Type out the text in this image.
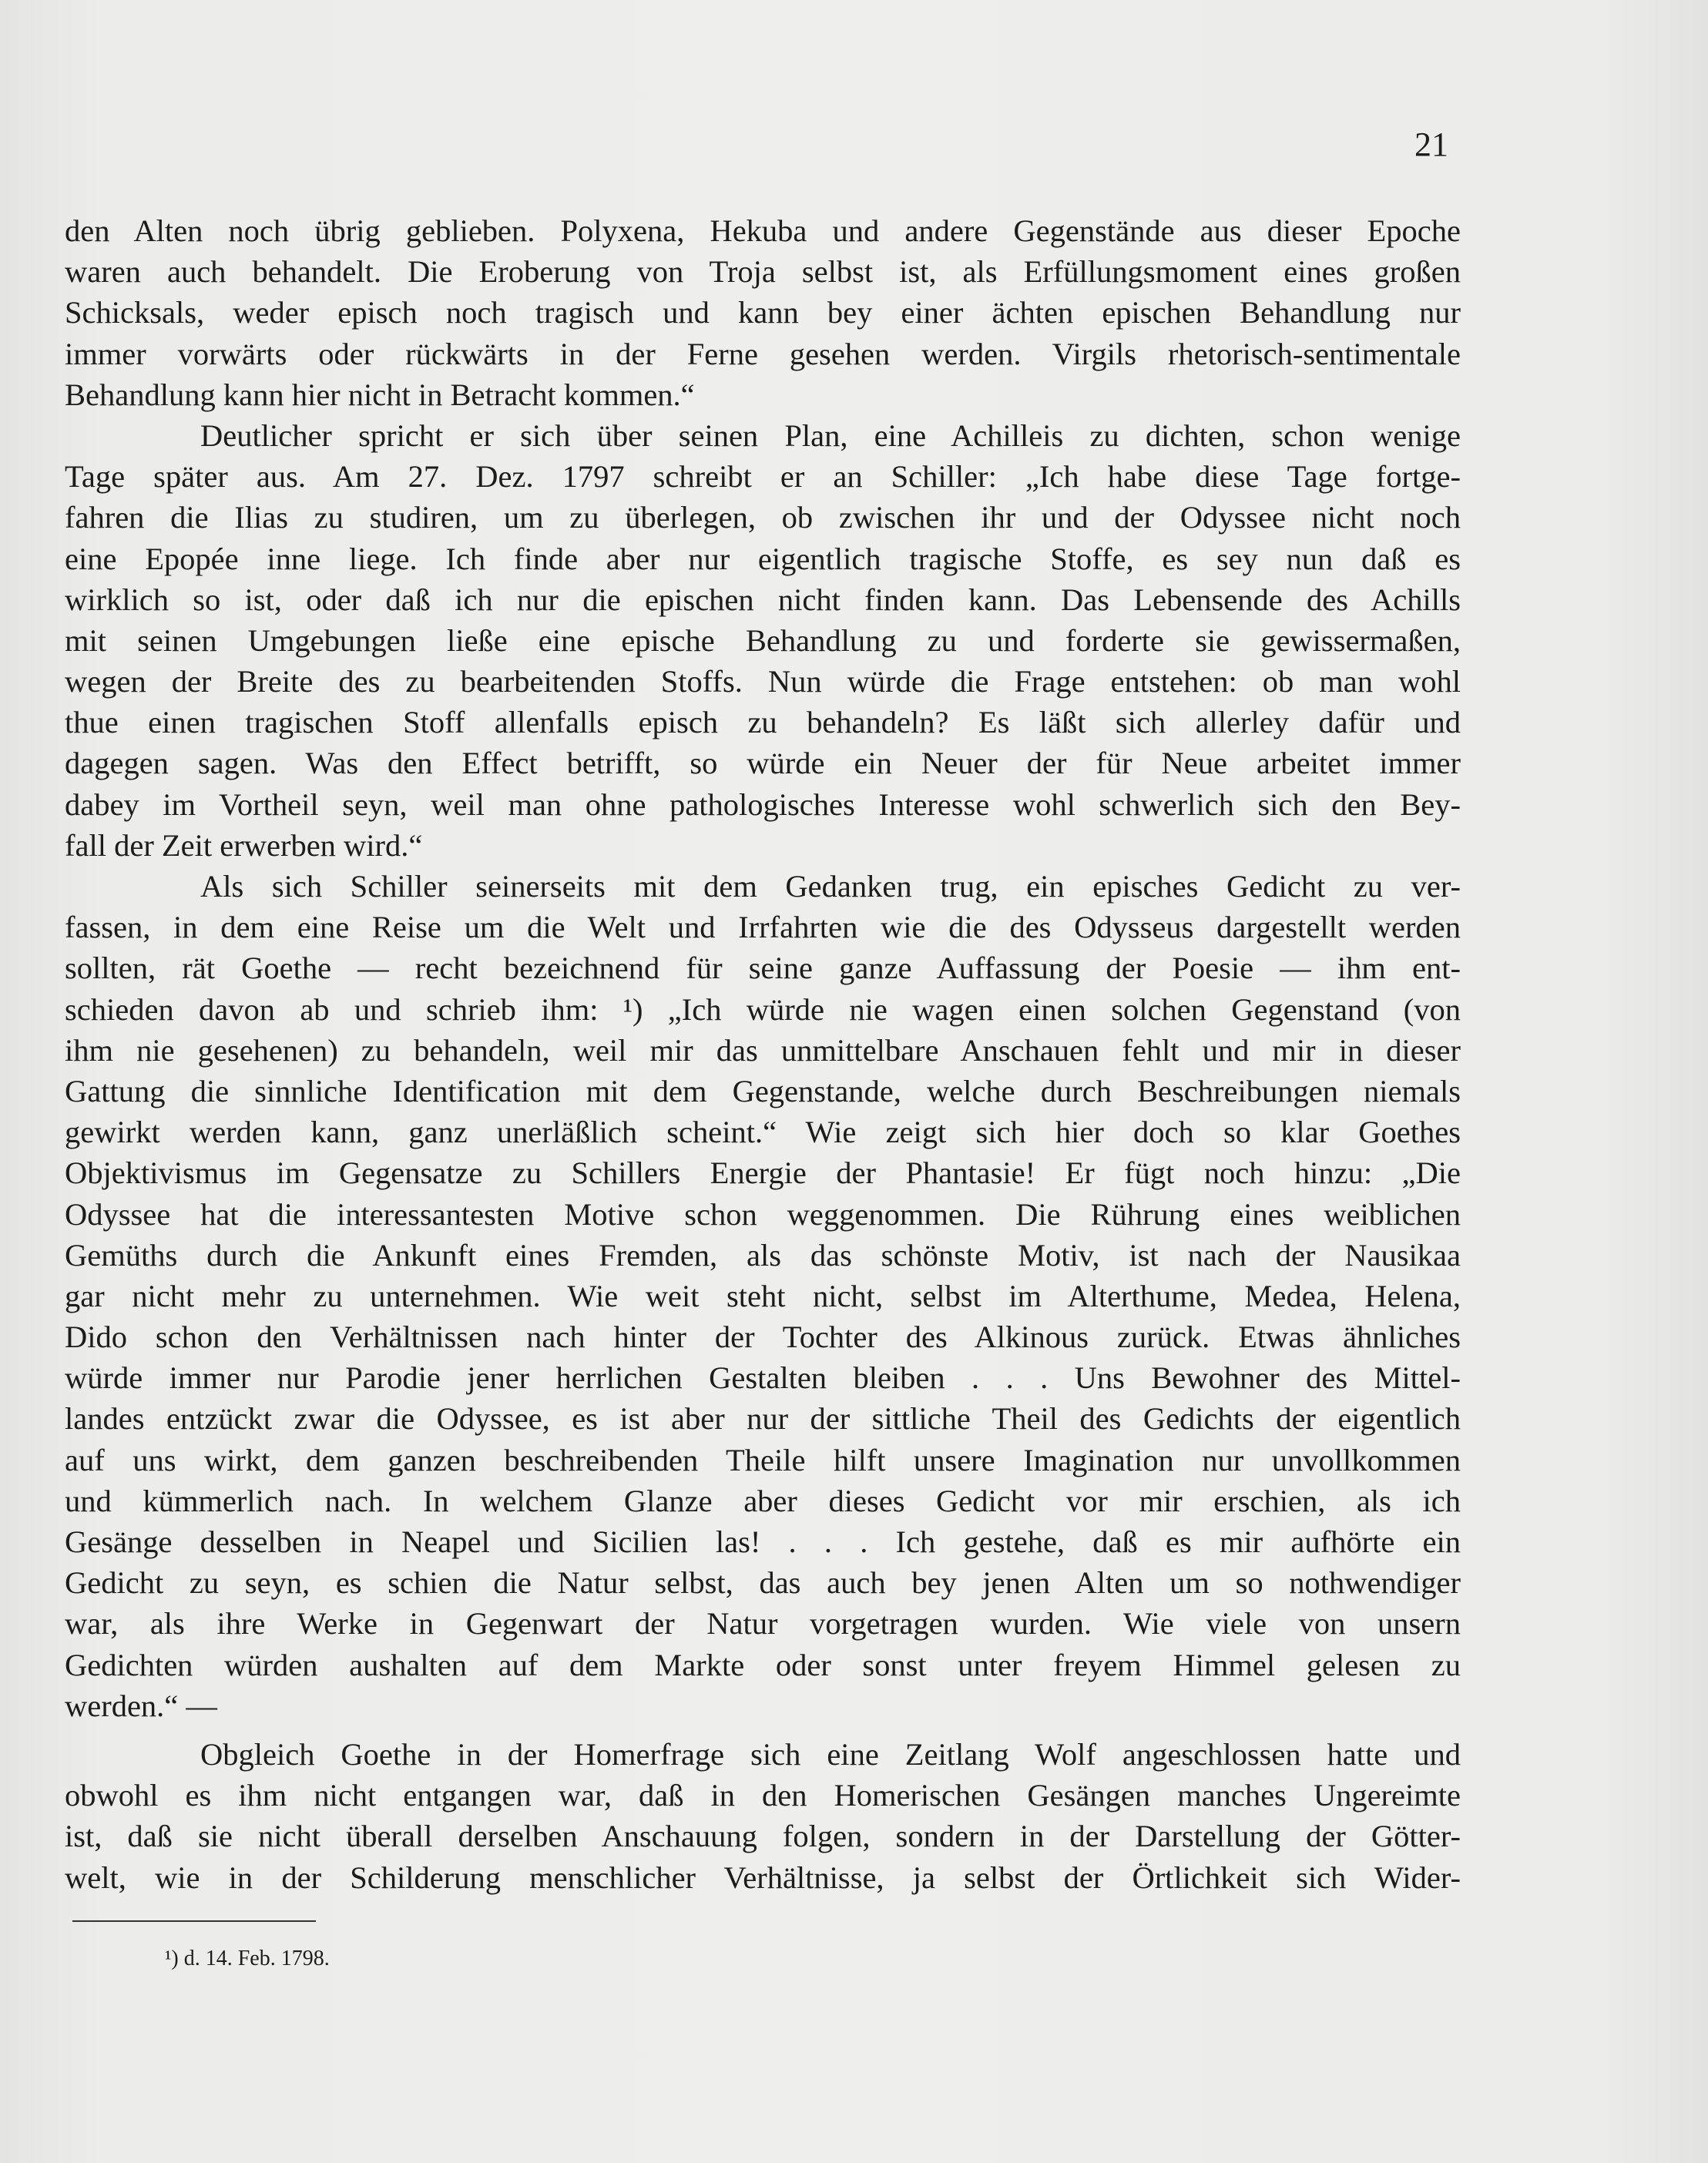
21
den Alten noch übrig geblieben. Polyxena, Hekuba und andere Gegenstände aus dieser Epoche
waren auch behandelt. Die Eroberung von Troja selbst ist, als Erfüllungsmoment eines großen
Schicksals, weder episch noch tragisch und kann bey einer ächten epischen Behandlung nur
immer vorwärts oder rückwärts in der Ferne gesehen werden. Virgils rhetorisch-sentimentale
Behandlung kann hier nicht in Betracht kommen.“
Deutlicher spricht er sich über seinen Plan, eine Achilleis zu dichten, schon wenige
Tage später aus. Am 27. Dez. 1797 schreibt er an Schiller: „Ich habe diese Tage fortge-
fahren die Ilias zu studiren, um zu überlegen, ob zwischen ihr und der Odyssee nicht noch
eine Epopée inne liege. Ich finde aber nur eigentlich tragische Stoffe, es sey nun daß es
wirklich so ist, oder daß ich nur die epischen nicht finden kann. Das Lebensende des Achills
mit seinen Umgebungen ließe eine epische Behandlung zu und forderte sie gewissermaßen,
wegen der Breite des zu bearbeitenden Stoffs. Nun würde die Frage entstehen: ob man wohl
thue einen tragischen Stoff allenfalls episch zu behandeln? Es läßt sich allerley dafür und
dagegen sagen. Was den Effect betrifft, so würde ein Neuer der für Neue arbeitet immer
dabey im Vortheil seyn, weil man ohne pathologisches Interesse wohl schwerlich sich den Bey-
fall der Zeit erwerben wird.“
Als sich Schiller seinerseits mit dem Gedanken trug, ein episches Gedicht zu ver-
fassen, in dem eine Reise um die Welt und Irrfahrten wie die des Odysseus dargestellt werden
sollten, rät Goethe — recht bezeichnend für seine ganze Auffassung der Poesie — ihm ent-
schieden davon ab und schrieb ihm: ¹) „Ich würde nie wagen einen solchen Gegenstand (von
ihm nie gesehenen) zu behandeln, weil mir das unmittelbare Anschauen fehlt und mir in dieser
Gattung die sinnliche Identification mit dem Gegenstande, welche durch Beschreibungen niemals
gewirkt werden kann, ganz unerläßlich scheint.“ Wie zeigt sich hier doch so klar Goethes
Objektivismus im Gegensatze zu Schillers Energie der Phantasie! Er fügt noch hinzu: „Die
Odyssee hat die interessantesten Motive schon weggenommen. Die Rührung eines weiblichen
Gemüths durch die Ankunft eines Fremden, als das schönste Motiv, ist nach der Nausikaa
gar nicht mehr zu unternehmen. Wie weit steht nicht, selbst im Alterthume, Medea, Helena,
Dido schon den Verhältnissen nach hinter der Tochter des Alkinous zurück. Etwas ähnliches
würde immer nur Parodie jener herrlichen Gestalten bleiben . . . Uns Bewohner des Mittel-
landes entzückt zwar die Odyssee, es ist aber nur der sittliche Theil des Gedichts der eigentlich
auf uns wirkt, dem ganzen beschreibenden Theile hilft unsere Imagination nur unvollkommen
und kümmerlich nach. In welchem Glanze aber dieses Gedicht vor mir erschien, als ich
Gesänge desselben in Neapel und Sicilien las! . . . Ich gestehe, daß es mir aufhörte ein
Gedicht zu seyn, es schien die Natur selbst, das auch bey jenen Alten um so nothwendiger
war, als ihre Werke in Gegenwart der Natur vorgetragen wurden. Wie viele von unsern
Gedichten würden aushalten auf dem Markte oder sonst unter freyem Himmel gelesen zu
werden.“ —
Obgleich Goethe in der Homerfrage sich eine Zeitlang Wolf angeschlossen hatte und
obwohl es ihm nicht entgangen war, daß in den Homerischen Gesängen manches Ungereimte
ist, daß sie nicht überall derselben Anschauung folgen, sondern in der Darstellung der Götter-
welt, wie in der Schilderung menschlicher Verhältnisse, ja selbst der Örtlichkeit sich Wider-
¹) d. 14. Feb. 1798.
